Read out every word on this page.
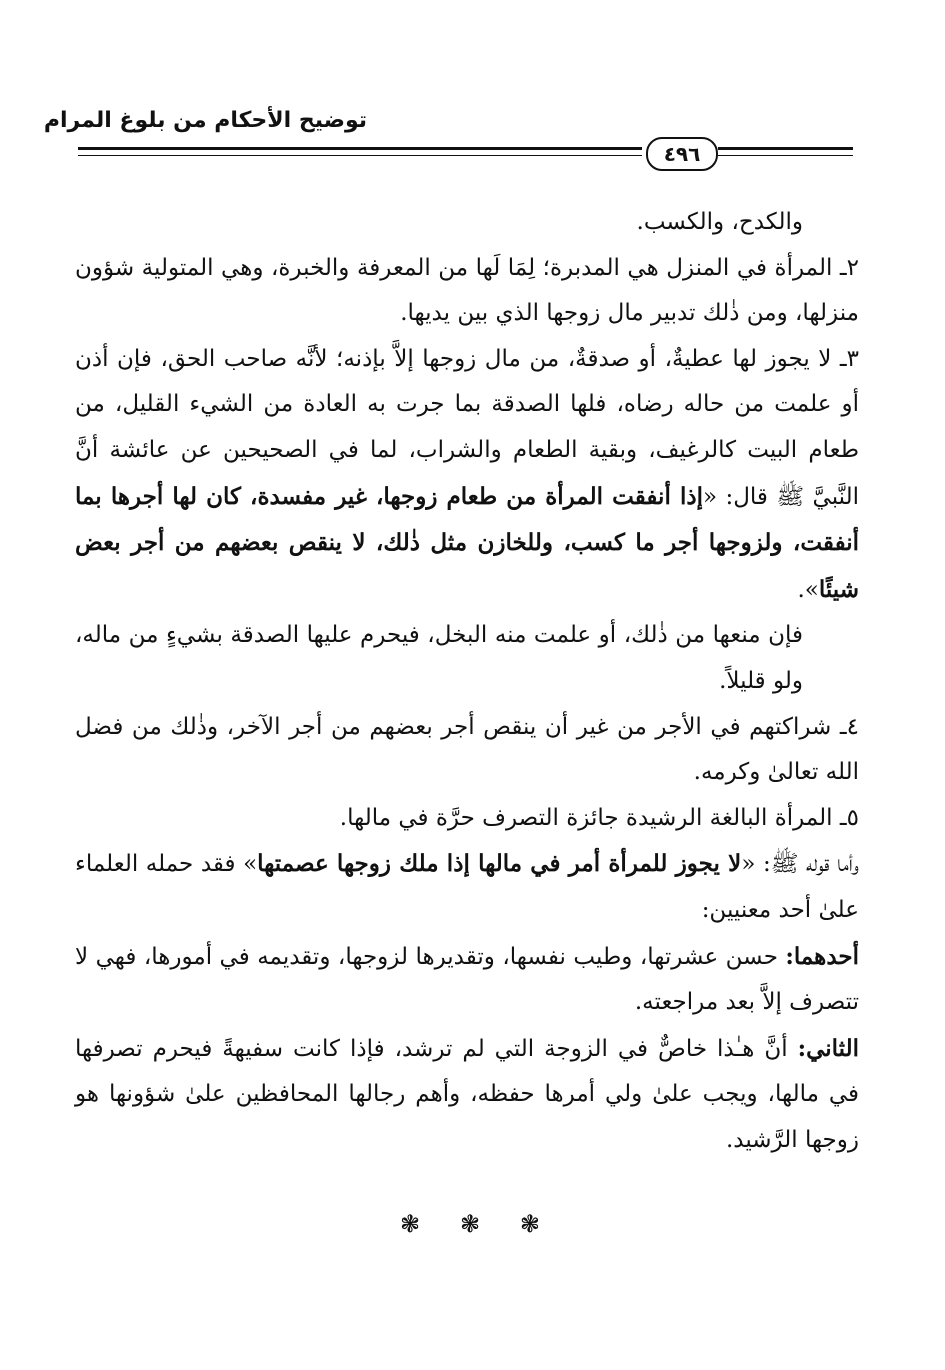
توضيح الأحكام من بلوغ المرام
٤٩٦

والكدح، والكسب.

٢ـ المرأة في المنزل هي المدبرة؛ لِمَا لَها من المعرفة والخبرة، وهي المتولية شؤون منزلها، ومن ذٰلك تدبير مال زوجها الذي بين يديها.

٣ـ لا يجوز لها عطيةٌ، أو صدقةٌ، من مال زوجها إلاَّ بإذنه؛ لأنَّه صاحب الحق، فإن أذن أو علمت من حاله رضاه، فلها الصدقة بما جرت به العادة من الشيء القليل، من طعام البيت كالرغيف، وبقية الطعام والشراب، لما في الصحيحين عن عائشة أنَّ النَّبيَّ ﷺ قال: «إذا أنفقت المرأة من طعام زوجها، غير مفسدة، كان لها أجرها بما أنفقت، ولزوجها أجر ما كسب، وللخازن مثل ذٰلك، لا ينقص بعضهم من أجر بعض شيئًا».

فإن منعها من ذٰلك، أو علمت منه البخل، فيحرم عليها الصدقة بشيءٍ من ماله، ولو قليلاً.

٤ـ شراكتهم في الأجر من غير أن ينقص أجر بعضهم من أجر الآخر، وذٰلك من فضل الله تعالىٰ وكرمه.

٥ـ المرأة البالغة الرشيدة جائزة التصرف حرَّة في مالها.

وأما قوله ﷺ: «لا يجوز للمرأة أمر في مالها إذا ملك زوجها عصمتها» فقد حمله العلماء علىٰ أحد معنيين:

أحدهما: حسن عشرتها، وطيب نفسها، وتقديرها لزوجها، وتقديمه في أمورها، فهي لا تتصرف إلاَّ بعد مراجعته.

الثاني: أنَّ هـٰذا خاصٌّ في الزوجة التي لم ترشد، فإذا كانت سفيهةً فيحرم تصرفها في مالها، ويجب علىٰ ولي أمرها حفظه، وأهم رجالها المحافظين علىٰ شؤونها هو زوجها الرَّشيد.

❃
❃
❃
